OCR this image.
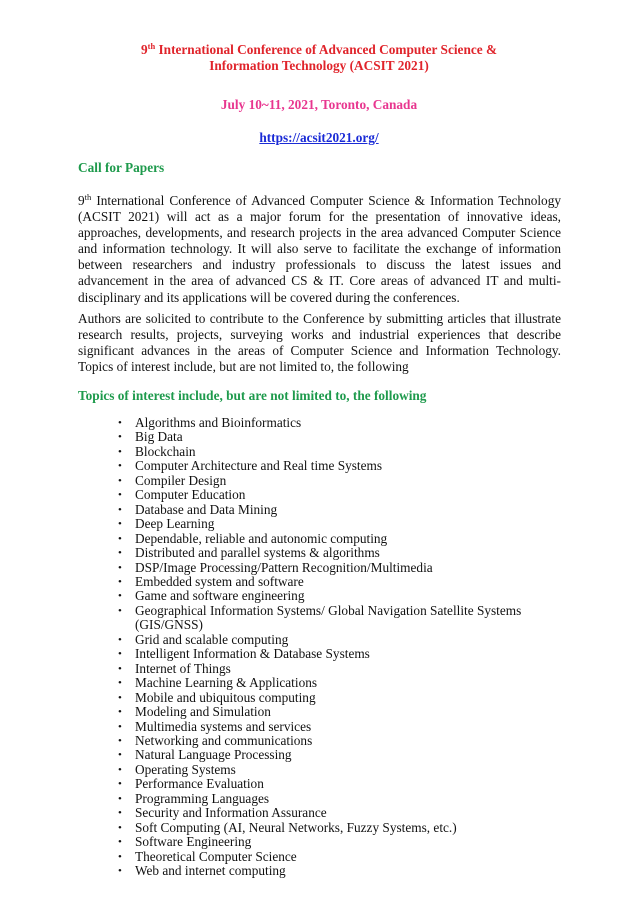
9th International Conference of Advanced Computer Science &
Information Technology (ACSIT 2021)
July 10~11, 2021, Toronto, Canada
https://acsit2021.org/
Call for Papers
9th International Conference of Advanced Computer Science & Information Technology (ACSIT 2021) will act as a major forum for the presentation of innovative ideas, approaches, developments, and research projects in the area advanced Computer Science and information technology. It will also serve to facilitate the exchange of information between researchers and industry professionals to discuss the latest issues and advancement in the area of advanced CS & IT. Core areas of advanced IT and multi-disciplinary and its applications will be covered during the conferences.
Authors are solicited to contribute to the Conference by submitting articles that illustrate research results, projects, surveying works and industrial experiences that describe significant advances in the areas of Computer Science and Information Technology. Topics of interest include, but are not limited to, the following
Topics of interest include, but are not limited to, the following
• Algorithms and Bioinformatics
• Big Data
• Blockchain
• Computer Architecture and Real time Systems
• Compiler Design
• Computer Education
• Database and Data Mining
• Deep Learning
• Dependable, reliable and autonomic computing
• Distributed and parallel systems & algorithms
• DSP/Image Processing/Pattern Recognition/Multimedia
• Embedded system and software
• Game and software engineering
• Geographical Information Systems/ Global Navigation Satellite Systems (GIS/GNSS)
• Grid and scalable computing
• Intelligent Information & Database Systems
• Internet of Things
• Machine Learning & Applications
• Mobile and ubiquitous computing
• Modeling and Simulation
• Multimedia systems and services
• Networking and communications
• Natural Language Processing
• Operating Systems
• Performance Evaluation
• Programming Languages
• Security and Information Assurance
• Soft Computing (AI, Neural Networks, Fuzzy Systems, etc.)
• Software Engineering
• Theoretical Computer Science
• Web and internet computing
